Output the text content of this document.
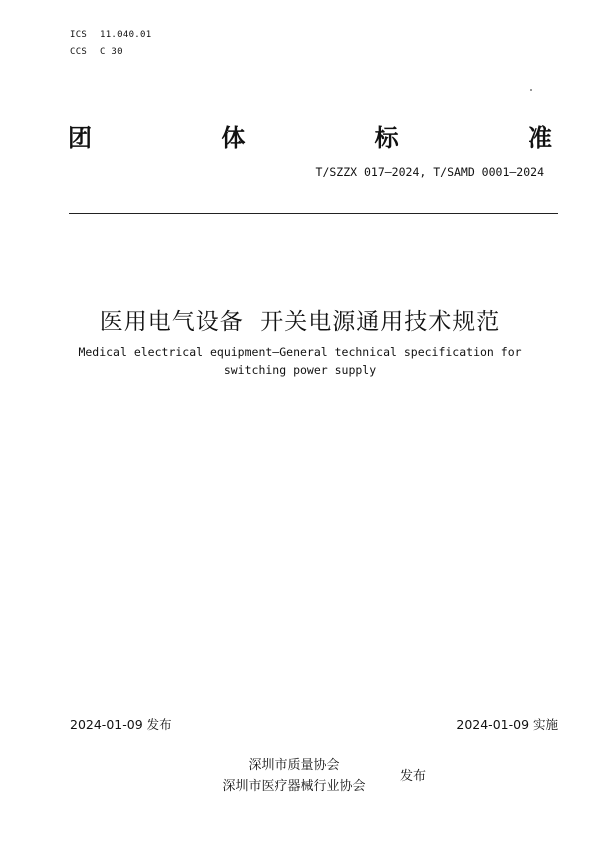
ICS 11.040.01
CCS C 30
团	体	标	准
T/SZZX 017—2024, T/SAMD 0001—2024
医用电气设备  开关电源通用技术规范
Medical electrical equipment—General technical specification for
switching power supply
2024-01-09 发布	2024-01-09 实施
深圳市质量协会
深圳市医疗器械行业协会
发布
